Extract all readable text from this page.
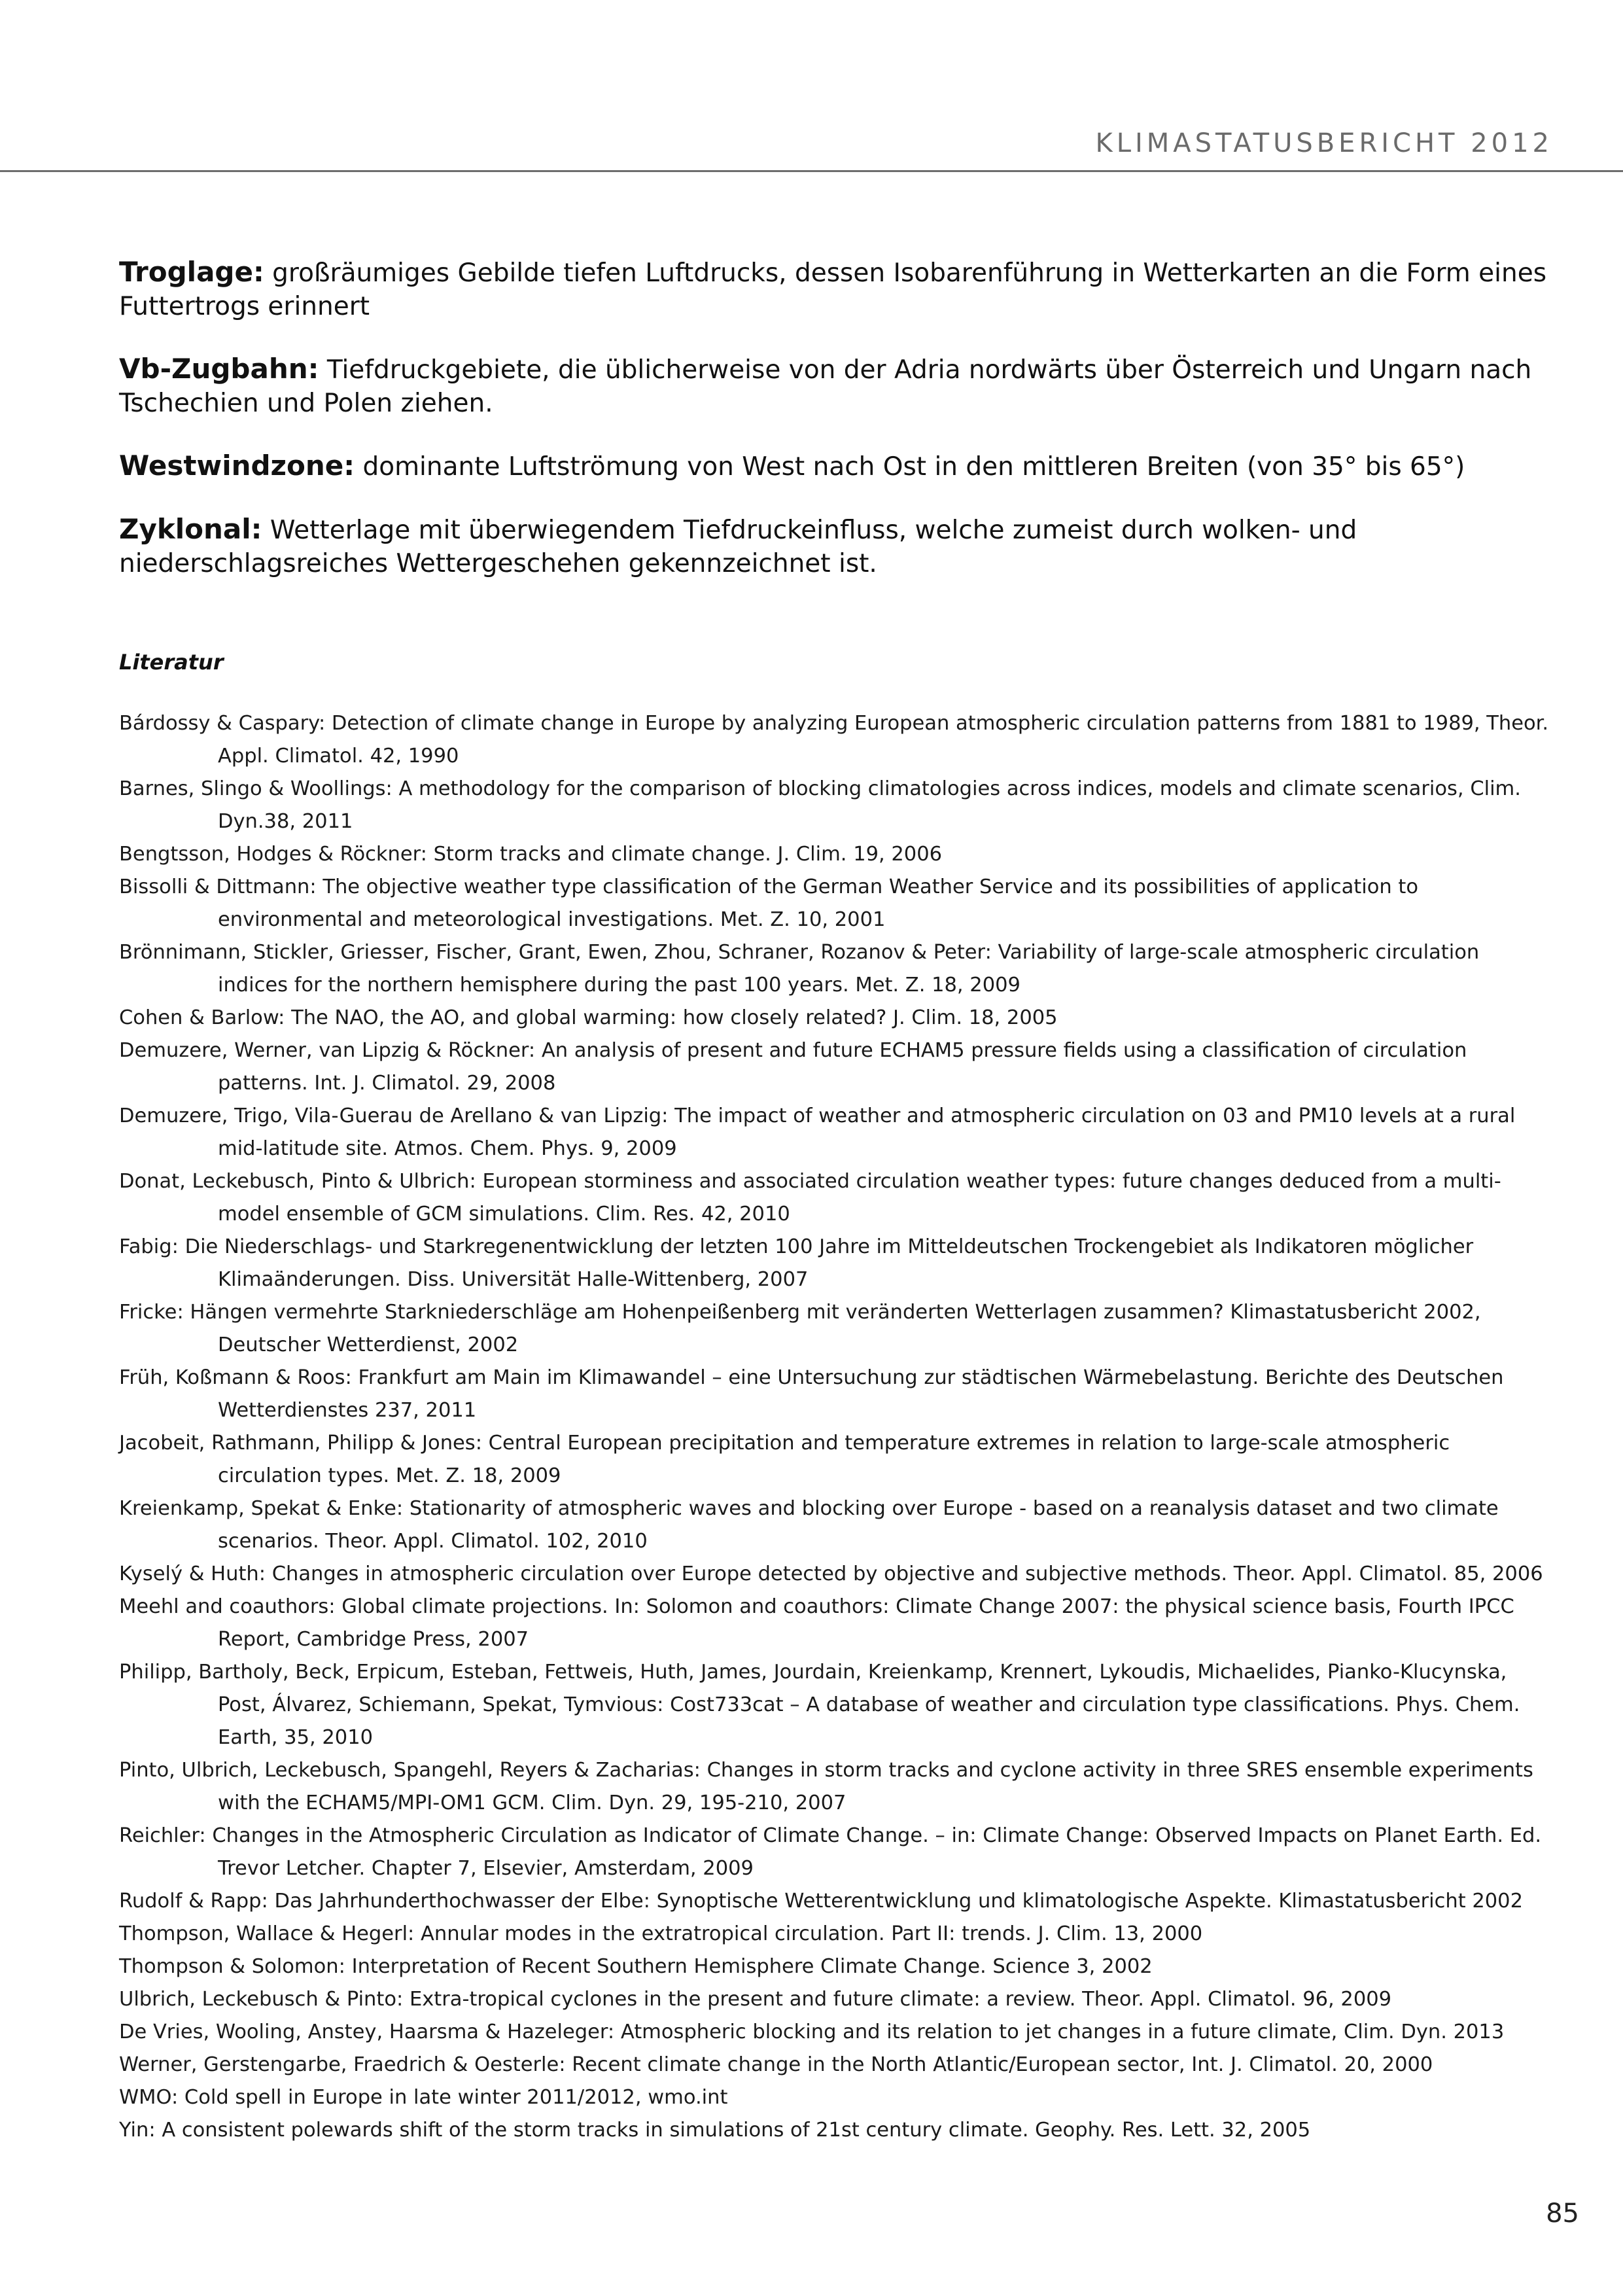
KLIMASTATUSBERICHT 2012

Troglage: großräumiges Gebilde tiefen Luftdrucks, dessen Isobarenführung in Wetterkarten an die Form eines Futtertrogs erinnert

Vb-Zugbahn: Tiefdruckgebiete, die üblicherweise von der Adria nordwärts über Österreich und Ungarn nach Tschechien und Polen ziehen.

Westwindzone: dominante Luftströmung von West nach Ost in den mittleren Breiten (von 35° bis 65°)

Zyklonal: Wetterlage mit überwiegendem Tiefdruckeinfluss, welche zumeist durch wolken- und niederschlagsreiches Wettergeschehen gekennzeichnet ist.

Literatur
Bárdossy & Caspary: Detection of climate change in Europe by analyzing European atmospheric circulation patterns from 1881 to 1989, Theor. Appl. Climatol. 42, 1990
Barnes, Slingo & Woollings: A methodology for the comparison of blocking climatologies across indices, models and climate scenarios, Clim. Dyn.38, 2011
Bengtsson, Hodges & Röckner: Storm tracks and climate change. J. Clim. 19, 2006
Bissolli & Dittmann: The objective weather type classification of the German Weather Service and its possibilities of application to environmental and meteorological investigations. Met. Z. 10, 2001
Brönnimann, Stickler, Griesser, Fischer, Grant, Ewen, Zhou, Schraner, Rozanov & Peter: Variability of large-scale atmospheric circulation indices for the northern hemisphere during the past 100 years. Met. Z. 18, 2009
Cohen & Barlow: The NAO, the AO, and global warming: how closely related? J. Clim. 18, 2005
Demuzere, Werner, van Lipzig & Röckner: An analysis of present and future ECHAM5 pressure fields using a classification of circulation patterns. Int. J. Climatol. 29, 2008
Demuzere, Trigo, Vila-Guerau de Arellano & van Lipzig: The impact of weather and atmospheric circulation on 03 and PM10 levels at a rural mid-latitude site. Atmos. Chem. Phys. 9, 2009
Donat, Leckebusch, Pinto & Ulbrich: European storminess and associated circulation weather types: future changes deduced from a multi-model ensemble of GCM simulations. Clim. Res. 42, 2010
Fabig: Die Niederschlags- und Starkregenentwicklung der letzten 100 Jahre im Mitteldeutschen Trockengebiet als Indikatoren möglicher Klimaänderungen. Diss. Universität Halle-Wittenberg, 2007
Fricke: Hängen vermehrte Starkniederschläge am Hohenpeißenberg mit veränderten Wetterlagen zusammen? Klimastatusbericht 2002, Deutscher Wetterdienst, 2002
Früh, Koßmann & Roos: Frankfurt am Main im Klimawandel – eine Untersuchung zur städtischen Wärmebelastung. Berichte des Deutschen Wetterdienstes 237, 2011
Jacobeit, Rathmann, Philipp & Jones: Central European precipitation and temperature extremes in relation to large-scale atmospheric circulation types. Met. Z. 18, 2009
Kreienkamp, Spekat & Enke: Stationarity of atmospheric waves and blocking over Europe - based on a reanalysis dataset and two climate scenarios. Theor. Appl. Climatol. 102, 2010
Kyselý & Huth: Changes in atmospheric circulation over Europe detected by objective and subjective methods. Theor. Appl. Climatol. 85, 2006
Meehl and coauthors: Global climate projections. In: Solomon and coauthors: Climate Change 2007: the physical science basis, Fourth IPCC Report, Cambridge Press, 2007
Philipp, Bartholy, Beck, Erpicum, Esteban, Fettweis, Huth, James, Jourdain, Kreienkamp, Krennert, Lykoudis, Michaelides, Pianko-Klucynska, Post, Álvarez, Schiemann, Spekat, Tymvious: Cost733cat – A database of weather and circulation type classifications. Phys. Chem. Earth, 35, 2010
Pinto, Ulbrich, Leckebusch, Spangehl, Reyers & Zacharias: Changes in storm tracks and cyclone activity in three SRES ensemble experiments with the ECHAM5/MPI-OM1 GCM. Clim. Dyn. 29, 195-210, 2007
Reichler: Changes in the Atmospheric Circulation as Indicator of Climate Change. – in: Climate Change: Observed Impacts on Planet Earth. Ed. Trevor Letcher. Chapter 7, Elsevier, Amsterdam, 2009
Rudolf & Rapp: Das Jahrhunderthochwasser der Elbe: Synoptische Wetterentwicklung und klimatologische Aspekte. Klimastatusbericht 2002
Thompson, Wallace & Hegerl: Annular modes in the extratropical circulation. Part II: trends. J. Clim. 13, 2000
Thompson & Solomon: Interpretation of Recent Southern Hemisphere Climate Change. Science 3, 2002
Ulbrich, Leckebusch & Pinto: Extra-tropical cyclones in the present and future climate: a review. Theor. Appl. Climatol. 96, 2009
De Vries, Wooling, Anstey, Haarsma & Hazeleger: Atmospheric blocking and its relation to jet changes in a future climate, Clim. Dyn. 2013
Werner, Gerstengarbe, Fraedrich & Oesterle: Recent climate change in the North Atlantic/European sector, Int. J. Climatol. 20, 2000
WMO: Cold spell in Europe in late winter 2011/2012, wmo.int
Yin: A consistent polewards shift of the storm tracks in simulations of 21st century climate. Geophy. Res. Lett. 32, 2005
85
